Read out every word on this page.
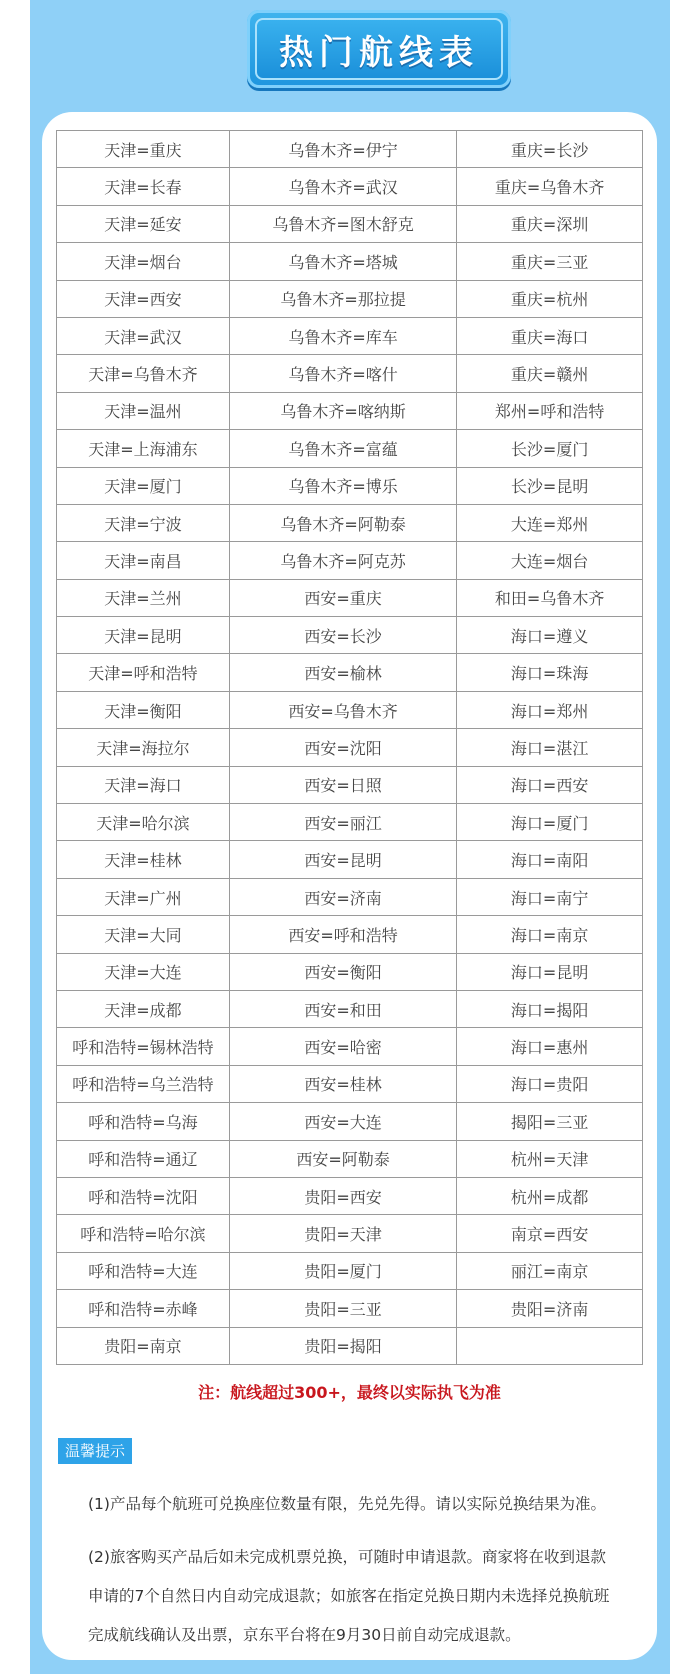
热门航线表
天津=重庆	乌鲁木齐=伊宁	重庆=长沙
天津=长春	乌鲁木齐=武汉	重庆=乌鲁木齐
天津=延安	乌鲁木齐=图木舒克	重庆=深圳
天津=烟台	乌鲁木齐=塔城	重庆=三亚
天津=西安	乌鲁木齐=那拉提	重庆=杭州
天津=武汉	乌鲁木齐=库车	重庆=海口
天津=乌鲁木齐	乌鲁木齐=喀什	重庆=赣州
天津=温州	乌鲁木齐=喀纳斯	郑州=呼和浩特
天津=上海浦东	乌鲁木齐=富蕴	长沙=厦门
天津=厦门	乌鲁木齐=博乐	长沙=昆明
天津=宁波	乌鲁木齐=阿勒泰	大连=郑州
天津=南昌	乌鲁木齐=阿克苏	大连=烟台
天津=兰州	西安=重庆	和田=乌鲁木齐
天津=昆明	西安=长沙	海口=遵义
天津=呼和浩特	西安=榆林	海口=珠海
天津=衡阳	西安=乌鲁木齐	海口=郑州
天津=海拉尔	西安=沈阳	海口=湛江
天津=海口	西安=日照	海口=西安
天津=哈尔滨	西安=丽江	海口=厦门
天津=桂林	西安=昆明	海口=南阳
天津=广州	西安=济南	海口=南宁
天津=大同	西安=呼和浩特	海口=南京
天津=大连	西安=衡阳	海口=昆明
天津=成都	西安=和田	海口=揭阳
呼和浩特=锡林浩特	西安=哈密	海口=惠州
呼和浩特=乌兰浩特	西安=桂林	海口=贵阳
呼和浩特=乌海	西安=大连	揭阳=三亚
呼和浩特=通辽	西安=阿勒泰	杭州=天津
呼和浩特=沈阳	贵阳=西安	杭州=成都
呼和浩特=哈尔滨	贵阳=天津	南京=西安
呼和浩特=大连	贵阳=厦门	丽江=南京
呼和浩特=赤峰	贵阳=三亚	贵阳=济南
贵阳=南京	贵阳=揭阳	
注：航线超过300+，最终以实际执飞为准
温馨提示

(1)产品每个航班可兑换座位数量有限，先兑先得。请以实际兑换结果为准。

(2)旅客购买产品后如未完成机票兑换，可随时申请退款。商家将在收到退款申请的7个自然日内自动完成退款；如旅客在指定兑换日期内未选择兑换航班完成航线确认及出票，京东平台将在9月30日前自动完成退款。
